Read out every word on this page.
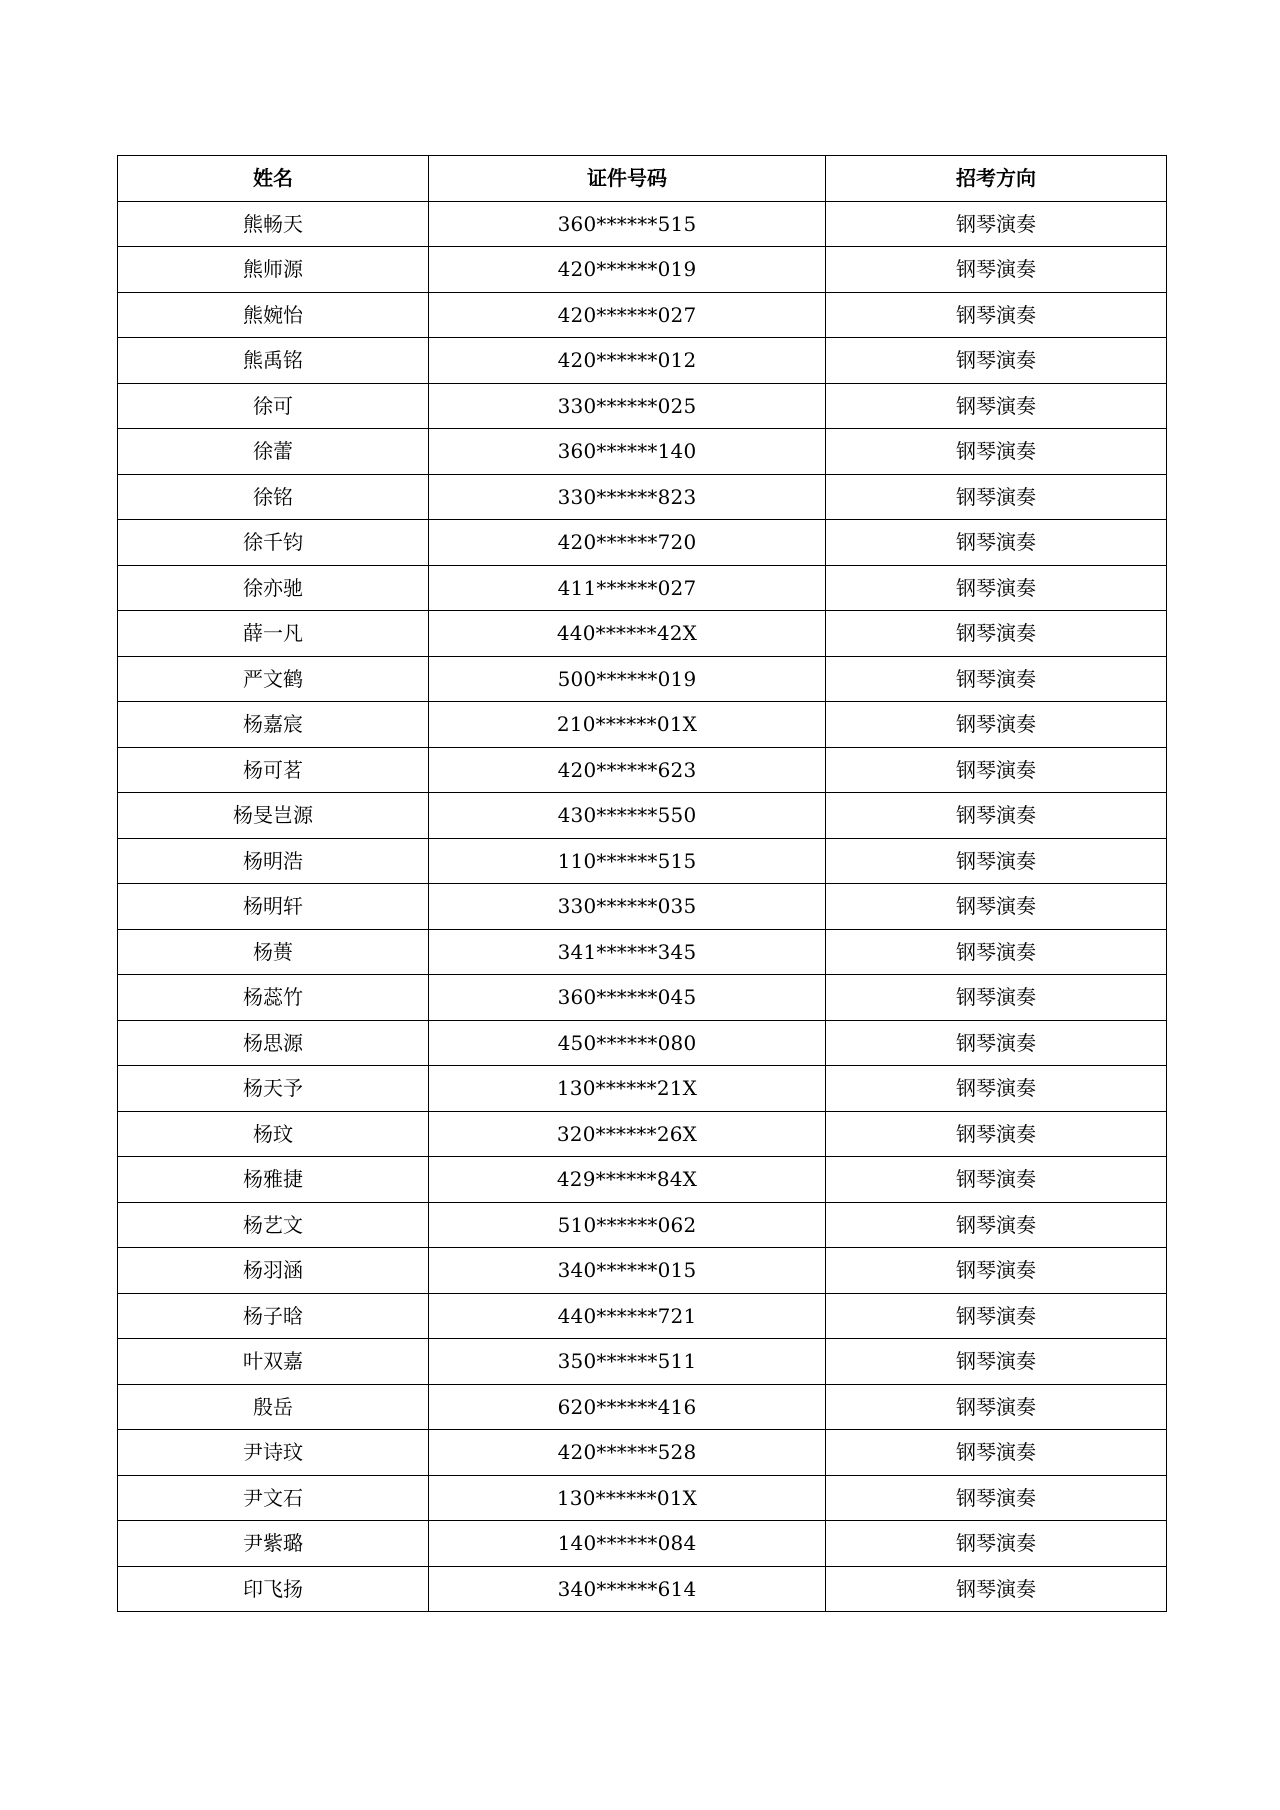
姓名	证件号码	招考方向
熊畅天	360******515	钢琴演奏
熊师源	420******019	钢琴演奏
熊婉怡	420******027	钢琴演奏
熊禹铭	420******012	钢琴演奏
徐可	330******025	钢琴演奏
徐蕾	360******140	钢琴演奏
徐铭	330******823	钢琴演奏
徐千钧	420******720	钢琴演奏
徐亦驰	411******027	钢琴演奏
薛一凡	440******42X	钢琴演奏
严文鹤	500******019	钢琴演奏
杨嘉宸	210******01X	钢琴演奏
杨可茗	420******623	钢琴演奏
杨旻岂源	430******550	钢琴演奏
杨明浩	110******515	钢琴演奏
杨明轩	330******035	钢琴演奏
杨蒉	341******345	钢琴演奏
杨蕊竹	360******045	钢琴演奏
杨思源	450******080	钢琴演奏
杨天予	130******21X	钢琴演奏
杨玟	320******26X	钢琴演奏
杨雅捷	429******84X	钢琴演奏
杨艺文	510******062	钢琴演奏
杨羽涵	340******015	钢琴演奏
杨子晗	440******721	钢琴演奏
叶双嘉	350******511	钢琴演奏
殷岳	620******416	钢琴演奏
尹诗玟	420******528	钢琴演奏
尹文石	130******01X	钢琴演奏
尹紫璐	140******084	钢琴演奏
印飞扬	340******614	钢琴演奏
